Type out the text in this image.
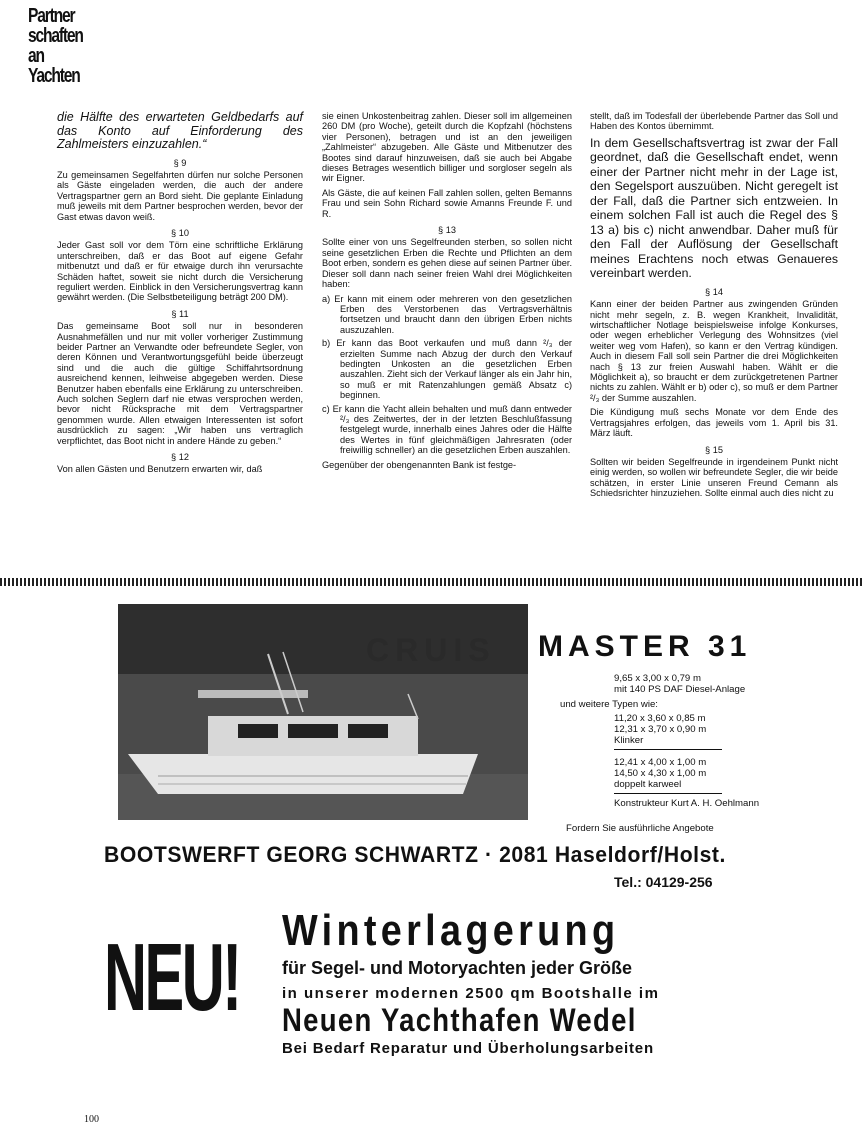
Partner
schaften
an
Yachten

die Hälfte des erwarteten Geldbedarfs auf das Konto auf Einforderung des Zahlmeisters einzuzahlen.“

§ 9

Zu gemeinsamen Segelfahrten dürfen nur solche Personen als Gäste eingeladen werden, die auch der andere Vertragspartner gern an Bord sieht. Die geplante Einladung muß jeweils mit dem Partner besprochen werden, bevor der Gast etwas davon weiß.

§ 10

Jeder Gast soll vor dem Törn eine schriftliche Erklärung unterschreiben, daß er das Boot auf eigene Gefahr mitbenutzt und daß er für etwaige durch ihn verursachte Schäden haftet, soweit sie nicht durch die Versicherung reguliert werden. Einblick in den Versicherungsvertrag kann gewährt werden. (Die Selbstbeteiligung beträgt 200 DM).

§ 11

Das gemeinsame Boot soll nur in besonderen Ausnahmefällen und nur mit voller vorheriger Zustimmung beider Partner an Verwandte oder befreundete Segler, von deren Können und Verantwortungsgefühl beide überzeugt sind und die auch die gültige Schiffahrtsordnung ausreichend kennen, leihweise abgegeben werden. Diese Benutzer haben ebenfalls eine Erklärung zu unterschreiben. Auch solchen Seglern darf nie etwas versprochen werden, bevor nicht Rücksprache mit dem Vertragspartner genommen wurde. Allen etwaigen Interessenten ist sofort ausdrücklich zu sagen: „Wir haben uns vertraglich verpflichtet, das Boot nicht in andere Hände zu geben.“

§ 12

Von allen Gästen und Benutzern erwarten wir, daß

sie einen Unkostenbeitrag zahlen. Dieser soll im allgemeinen 260 DM (pro Woche), geteilt durch die Kopfzahl (höchstens vier Personen), betragen und ist an den jeweiligen „Zahlmeister“ abzugeben. Alle Gäste und Mitbenutzer des Bootes sind darauf hinzuweisen, daß sie auch bei Abgabe dieses Betrages wesentlich billiger und sorgloser segeln als wir Eigner.

Als Gäste, die auf keinen Fall zahlen sollen, gelten Bemanns Frau und sein Sohn Richard sowie Amanns Freunde F. und R.

§ 13

Sollte einer von uns Segelfreunden sterben, so sollen nicht seine gesetzlichen Erben die Rechte und Pflichten an dem Boot erben, sondern es gehen diese auf seinen Partner über. Dieser soll dann nach seiner freien Wahl drei Möglichkeiten haben:

a) Er kann mit einem oder mehreren von den gesetzlichen Erben des Verstorbenen das Vertragsverhältnis fortsetzen und braucht dann den übrigen Erben nichts auszuzahlen.
b) Er kann das Boot verkaufen und muß dann ²/₃ der erzielten Summe nach Abzug der durch den Verkauf bedingten Unkosten an die gesetzlichen Erben auszahlen. Zieht sich der Verkauf länger als ein Jahr hin, so muß er mit Ratenzahlungen gemäß Absatz c) beginnen.
c) Er kann die Yacht allein behalten und muß dann entweder ²/₃ des Zeitwertes, der in der letzten Beschlußfassung festgelegt wurde, innerhalb eines Jahres oder die Hälfte des Wertes in fünf gleichmäßigen Jahresraten (oder freiwillig schneller) an die gesetzlichen Erben auszahlen.

Gegenüber der obengenannten Bank ist festge-

stellt, daß im Todesfall der überlebende Partner das Soll und Haben des Kontos übernimmt.

In dem Gesellschaftsvertrag ist zwar der Fall geordnet, daß die Gesellschaft endet, wenn einer der Partner nicht mehr in der Lage ist, den Segelsport auszuüben. Nicht geregelt ist der Fall, daß die Partner sich entzweien. In einem solchen Fall ist auch die Regel des § 13 a) bis c) nicht anwendbar. Daher muß für den Fall der Auflösung der Gesellschaft meines Erachtens noch etwas Genaueres vereinbart werden.

§ 14

Kann einer der beiden Partner aus zwingenden Gründen nicht mehr segeln, z. B. wegen Krankheit, Invalidität, wirtschaftlicher Notlage beispielsweise infolge Konkurses, oder wegen erheblicher Verlegung des Wohnsitzes (viel weiter weg vom Hafen), so kann er den Vertrag kündigen. Auch in diesem Fall soll sein Partner die drei Möglichkeiten nach § 13 zur freien Auswahl haben. Wählt er die Möglichkeit a), so braucht er dem zurückgetretenen Partner nichts zu zahlen. Wählt er b) oder c), so muß er dem Partner ²/₃ der Summe auszahlen.

Die Kündigung muß sechs Monate vor dem Ende des Vertragsjahres erfolgen, das jeweils vom 1. April bis 31. März läuft.

§ 15

Sollten wir beiden Segelfreunde in irgendeinem Punkt nicht einig werden, so wollen wir befreundete Segler, die wir beide schätzen, in erster Linie unseren Freund Cemann als Schiedsrichter hinzuziehen. Sollte einmal auch dies nicht zu

CRUIS MASTER 31
9,65 x 3,00 x 0,79 m
mit 140 PS DAF Diesel-Anlage
und weitere Typen wie:
11,20 x 3,60 x 0,85 m
12,31 x 3,70 x 0,90 m
Klinker
12,41 x 4,00 x 1,00 m
14,50 x 4,30 x 1,00 m
doppelt karweel
Konstrukteur Kurt A. H. Oehlmann
Fordern Sie ausführliche Angebote
BOOTSWERFT GEORG SCHWARTZ · 2081 Haseldorf/Holst.
Tel.: 04129-256
NEU! Winterlagerung
für Segel- und Motoryachten jeder Größe
in unserer modernen 2500 qm Bootshalle im
Neuen Yachthafen Wedel
Bei Bedarf Reparatur und Überholungsarbeiten
100
